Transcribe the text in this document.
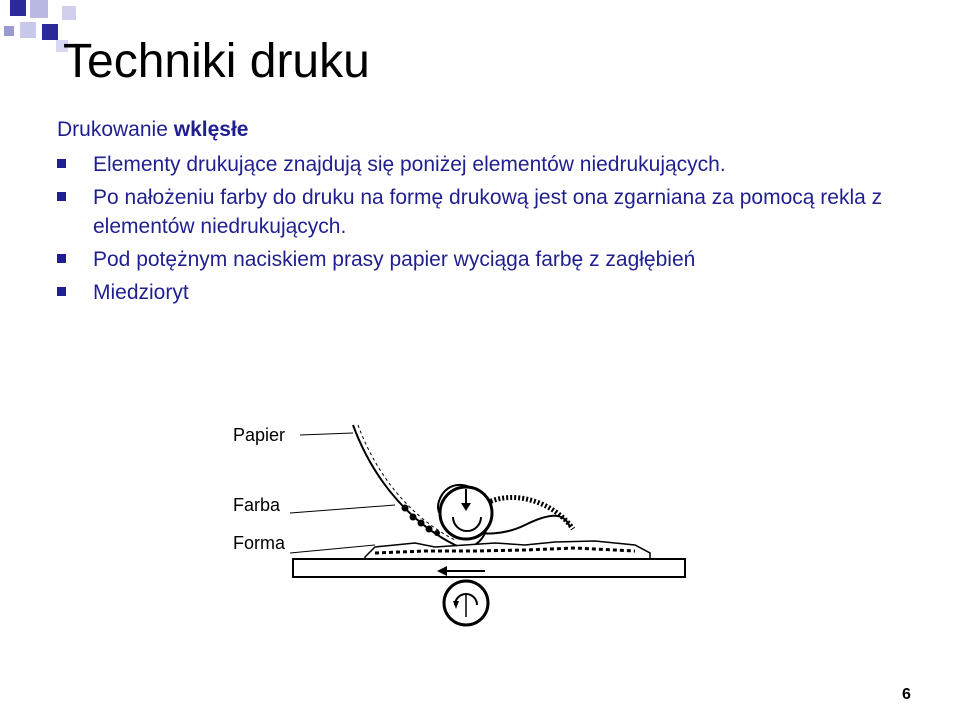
Techniki druku
Drukowanie wklęsłe
Elementy drukujące znajdują się poniżej elementów niedrukujących.
Po nałożeniu farby do druku na formę drukową jest ona zgarniana za pomocą rekla z elementów niedrukujących.
Pod potężnym naciskiem prasy papier wyciąga farbę z zagłębień
Miedzioryt
Papier
Farba
Forma
6
